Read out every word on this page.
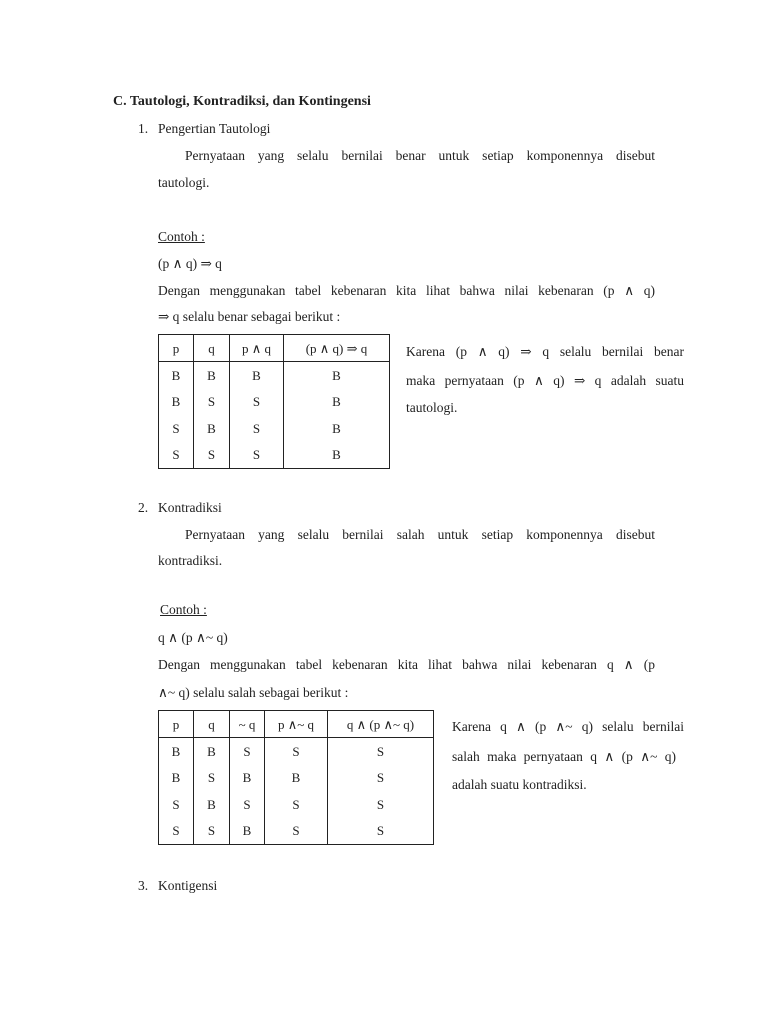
C. Tautologi, Kontradiksi, dan Kontingensi
1. Pengertian Tautologi
Pernyataan yang selalu bernilai benar untuk setiap komponennya disebut
tautologi.
Contoh :
(p ∧ q) ⇒ q
Dengan menggunakan tabel kebenaran kita lihat bahwa nilai kebenaran (p ∧ q)
⇒ q selalu benar sebagai berikut :
p	q	p ∧ q	(p ∧ q) ⇒ q
B	B	B	B
B	S	S	B
S	B	S	B
S	S	S	B
Karena (p ∧ q) ⇒ q selalu bernilai benar
maka pernyataan (p ∧ q) ⇒ q adalah suatu
tautologi.
2. Kontradiksi
Pernyataan yang selalu bernilai salah untuk setiap komponennya disebut
kontradiksi.
Contoh :
q ∧ (p ∧~ q)
Dengan menggunakan tabel kebenaran kita lihat bahwa nilai kebenaran q ∧ (p
∧~ q) selalu salah sebagai berikut :
p	q	~ q	p ∧~ q	q ∧ (p ∧~ q)
B	B	S	S	S
B	S	B	B	S
S	B	S	S	S
S	S	B	S	S
Karena q ∧ (p ∧~ q) selalu bernilai
salah maka pernyataan q ∧ (p ∧~ q)
adalah suatu kontradiksi.
3. Kontigensi
